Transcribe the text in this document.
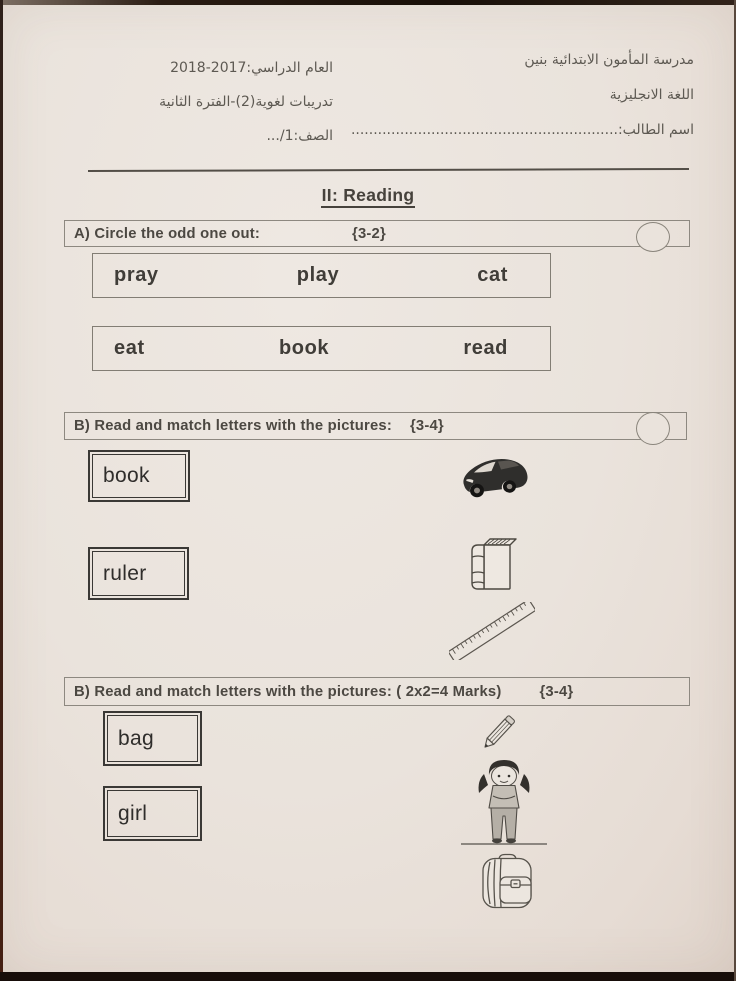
مدرسة المأمون الابتدائية بنين
اللغة الانجليزية
اسم الطالب:............................................................
العام الدراسي:2017-2018
تدريبات لغوية(2)-الفترة الثانية
الصف:1/...
II: Reading
A) Circle the odd one out:	{3-2}
pray	play	cat
eat	book	read
B) Read and match letters with the pictures: {3-4}
book
ruler
B) Read and match letters with the pictures: ( 2x2=4 Marks)	{3-4}
bag
girl
